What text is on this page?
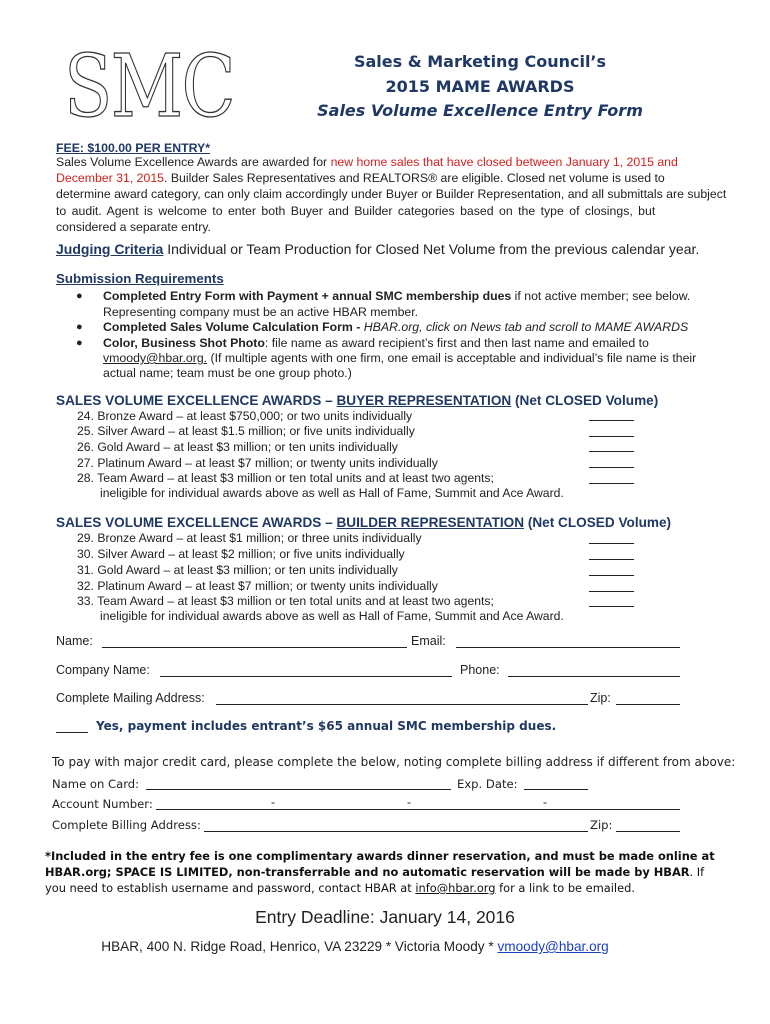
SMC	Sales & Marketing Council’s
2015 MAME AWARDS
Sales Volume Excellence Entry Form
FEE: $100.00 PER ENTRY*
Sales Volume Excellence Awards are awarded for new home sales that have closed between January 1, 2015 and
December 31, 2015. Builder Sales Representatives and REALTORS® are eligible. Closed net volume is used to
determine award category, can only claim accordingly under Buyer or Builder Representation, and all submittals are subject
to audit. Agent is welcome to enter both Buyer and Builder categories based on the type of closings, but
considered a separate entry.
Judging Criteria Individual or Team Production for Closed Net Volume from the previous calendar year.
Submission Requirements
● Completed Entry Form with Payment + annual SMC membership dues if not active member; see below.
Representing company must be an active HBAR member.
● Completed Sales Volume Calculation Form - HBAR.org, click on News tab and scroll to MAME AWARDS
● Color, Business Shot Photo: file name as award recipient’s first and then last name and emailed to
vmoody@hbar.org. (If multiple agents with one firm, one email is acceptable and individual’s file name is their
actual name; team must be one group photo.)
SALES VOLUME EXCELLENCE AWARDS – BUYER REPRESENTATION (Net CLOSED Volume)
24. Bronze Award – at least $750,000; or two units individually
25. Silver Award – at least $1.5 million; or five units individually
26. Gold Award – at least $3 million; or ten units individually
27. Platinum Award – at least $7 million; or twenty units individually
28. Team Award – at least $3 million or ten total units and at least two agents;
ineligible for individual awards above as well as Hall of Fame, Summit and Ace Award.
SALES VOLUME EXCELLENCE AWARDS – BUILDER REPRESENTATION (Net CLOSED Volume)
29. Bronze Award – at least $1 million; or three units individually
30. Silver Award – at least $2 million; or five units individually
31. Gold Award – at least $3 million; or ten units individually
32. Platinum Award – at least $7 million; or twenty units individually
33. Team Award – at least $3 million or ten total units and at least two agents;
ineligible for individual awards above as well as Hall of Fame, Summit and Ace Award.
Name:	Email:
Company Name:	Phone:
Complete Mailing Address:	Zip:
Yes, payment includes entrant’s $65 annual SMC membership dues.
To pay with major credit card, please complete the below, noting complete billing address if different from above:
Name on Card:	Exp. Date:
Account Number:	-	-	-
Complete Billing Address:	Zip:
*Included in the entry fee is one complimentary awards dinner reservation, and must be made online at
HBAR.org; SPACE IS LIMITED, non-transferrable and no automatic reservation will be made by HBAR. If
you need to establish username and password, contact HBAR at info@hbar.org for a link to be emailed.
Entry Deadline: January 14, 2016
HBAR, 400 N. Ridge Road, Henrico, VA 23229 * Victoria Moody * vmoody@hbar.org
